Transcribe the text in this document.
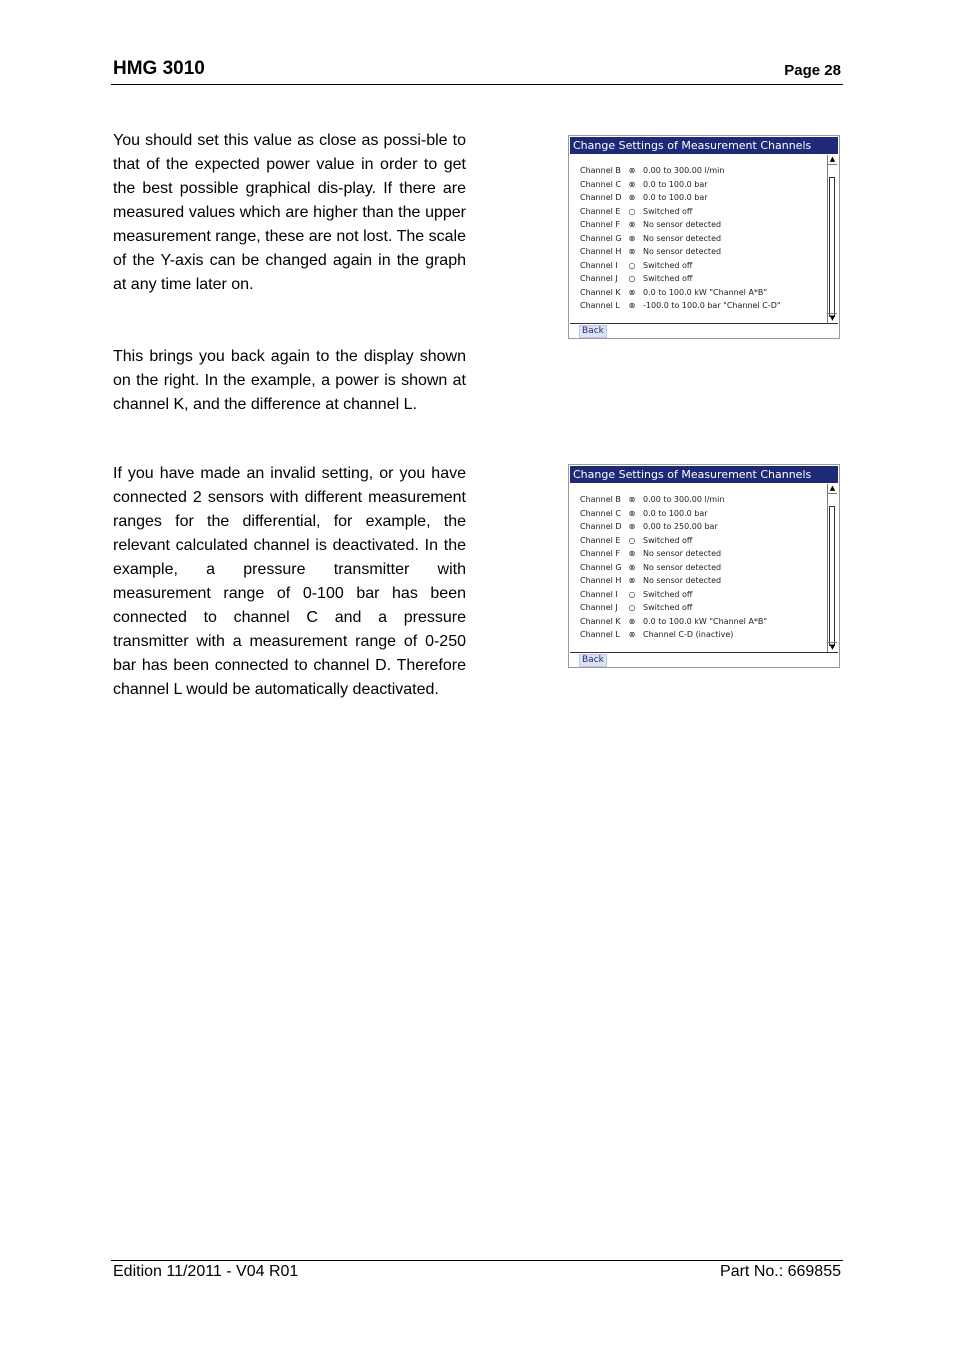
HMG 3010	Page 28

You should set this value as close as possi-ble to that of the expected power value in order to get the best possible graphical dis-play. If there are measured values which are higher than the upper measurement range, these are not lost. The scale of the Y-axis can be changed again in the graph at any time later on.

This brings you back again to the display shown on the right. In the example, a power is shown at channel K, and the difference at channel L.

If you have made an invalid setting, or you have connected 2 sensors with different measurement ranges for the differential, for example, the relevant calculated channel is deactivated. In the example, a pressure transmitter with measurement range of 0-100 bar has been connected to channel C and a pressure transmitter with a measurement range of 0-250 bar has been connected to channel D. Therefore channel L would be automatically deactivated.

Change Settings of Measurement Channels
Channel B ⊗ 0.00 to 300.00 l/min
Channel C ⊗ 0.0 to 100.0 bar
Channel D ⊗ 0.0 to 100.0 bar
Channel E	○ Switched off
Channel F	⊗ No sensor detected
Channel G ⊗ No sensor detected
Channel H ⊗ No sensor detected
Channel I	○ Switched off
Channel J	○ Switched off
Channel K	⊗ 0.0 to 100.0 kW "Channel A*B"
Channel L	⊗ -100.0 to 100.0 bar "Channel C-D"
▲
▼
Back
Change Settings of Measurement Channels
Channel B ⊗ 0.00 to 300.00 l/min
Channel C ⊗ 0.0 to 100.0 bar
Channel D ⊗ 0.00 to 250.00 bar
Channel E	○ Switched off
Channel F	⊗ No sensor detected
Channel G ⊗ No sensor detected
Channel H ⊗ No sensor detected
Channel I	○ Switched off
Channel J	○ Switched off
Channel K	⊗ 0.0 to 100.0 kW "Channel A*B"
Channel L	⊗ Channel C-D (inactive)
▲
▼
Back
Edition 11/2011 - V04 R01	Part No.: 669855
